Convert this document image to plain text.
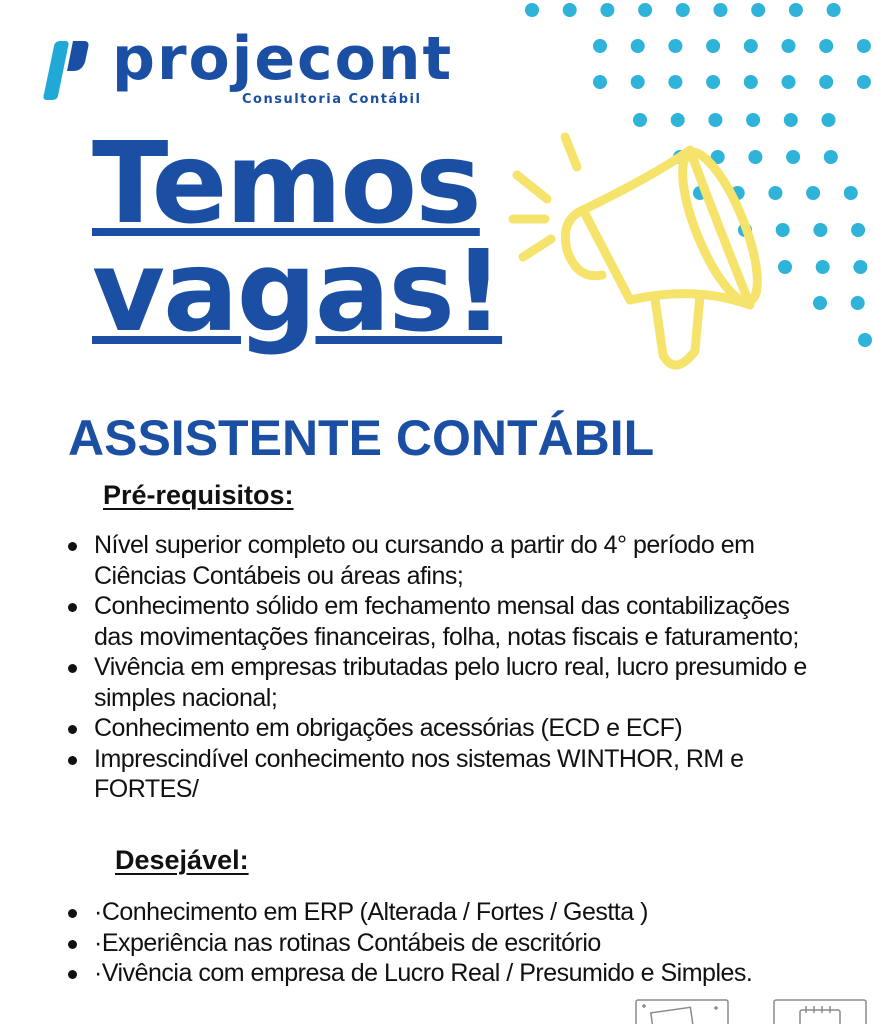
projecont
Consultoria Contábil
Temos
vagas!
ASSISTENTE CONTÁBIL
Pré-requisitos:
Nível superior completo ou cursando a partir do 4° período em Ciências Contábeis ou áreas afins;
Conhecimento sólido em fechamento mensal das contabilizações das movimentações financeiras, folha, notas fiscais e faturamento;
Vivência em empresas tributadas pelo lucro real, lucro presumido e simples nacional;
Conhecimento em obrigações acessórias (ECD e ECF)
Imprescindível conhecimento nos sistemas WINTHOR, RM e FORTES/
Desejável:
·Conhecimento em ERP (Alterada / Fortes / Gestta )
·Experiência nas rotinas Contábeis de escritório
·Vivência com empresa de Lucro Real / Presumido e Simples.
